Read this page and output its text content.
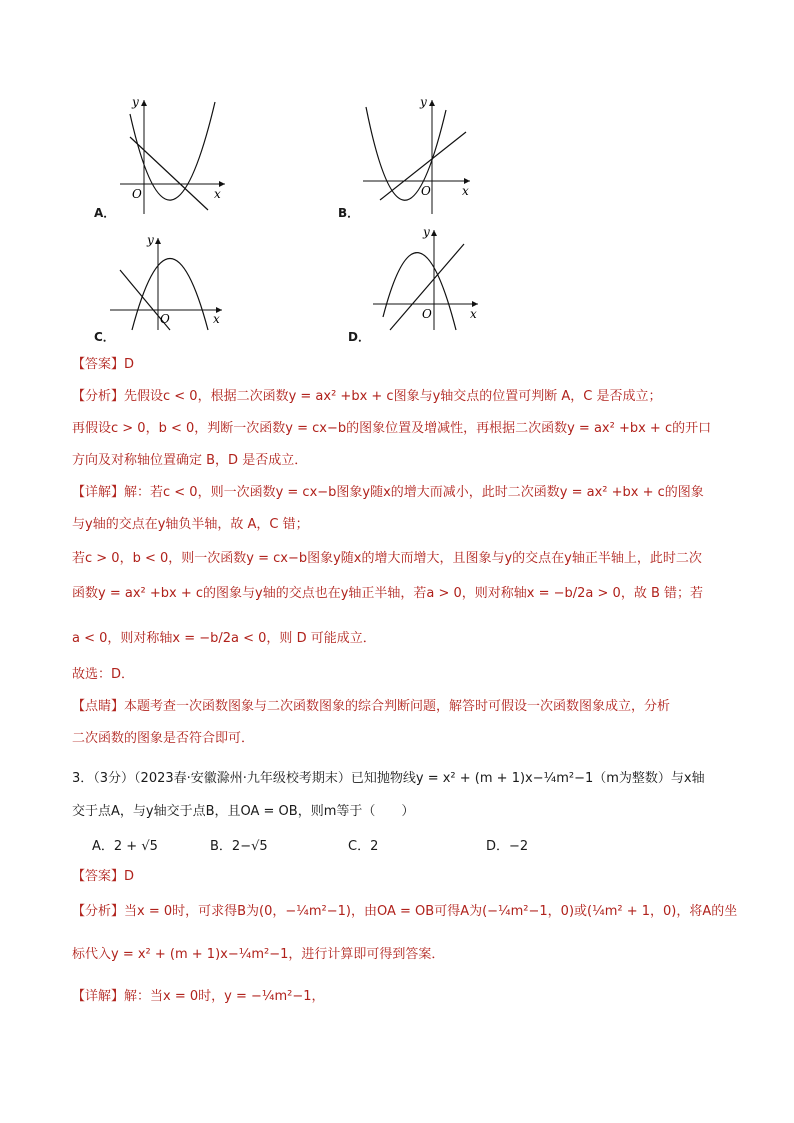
y
x
O
A．
y
x
O
B．
y
x
O
C．
y
x
O
D．
【答案】D
【分析】先假设c < 0，根据二次函数y = ax² +bx + c图象与y轴交点的位置可判断 A，C 是否成立；
再假设c > 0，b < 0，判断一次函数y = cx−b的图象位置及增减性，再根据二次函数y = ax² +bx + c的开口
方向及对称轴位置确定 B，D 是否成立．
【详解】解：若c < 0，则一次函数y = cx−b图象y随x的增大而减小，此时二次函数y = ax² +bx + c的图象
与y轴的交点在y轴负半轴，故 A，C 错；
若c > 0，b < 0，则一次函数y = cx−b图象y随x的增大而增大，且图象与y的交点在y轴正半轴上，此时二次
函数y = ax² +bx + c的图象与y轴的交点也在y轴正半轴，若a > 0，则对称轴x = −b/2a > 0，故 B 错；若
a < 0，则对称轴x = −b/2a < 0，则 D 可能成立．
故选：D．
【点睛】本题考查一次函数图象与二次函数图象的综合判断问题，解答时可假设一次函数图象成立，分析
二次函数的图象是否符合即可．
3．（3分）（2023春·安徽滁州·九年级校考期末）已知抛物线y = x² + (m + 1)x−¼m²−1（m为整数）与x轴
交于点A，与y轴交于点B，且OA = OB，则m等于（　　）
A．2 + √5	B．2−√5	C．2	D．−2
【答案】D
【分析】当x = 0时，可求得B为(0，−¼m²−1)，由OA = OB可得A为(−¼m²−1，0)或(¼m² + 1，0)，将A的坐
标代入y = x² + (m + 1)x−¼m²−1，进行计算即可得到答案．
【详解】解：当x = 0时，y = −¼m²−1，
